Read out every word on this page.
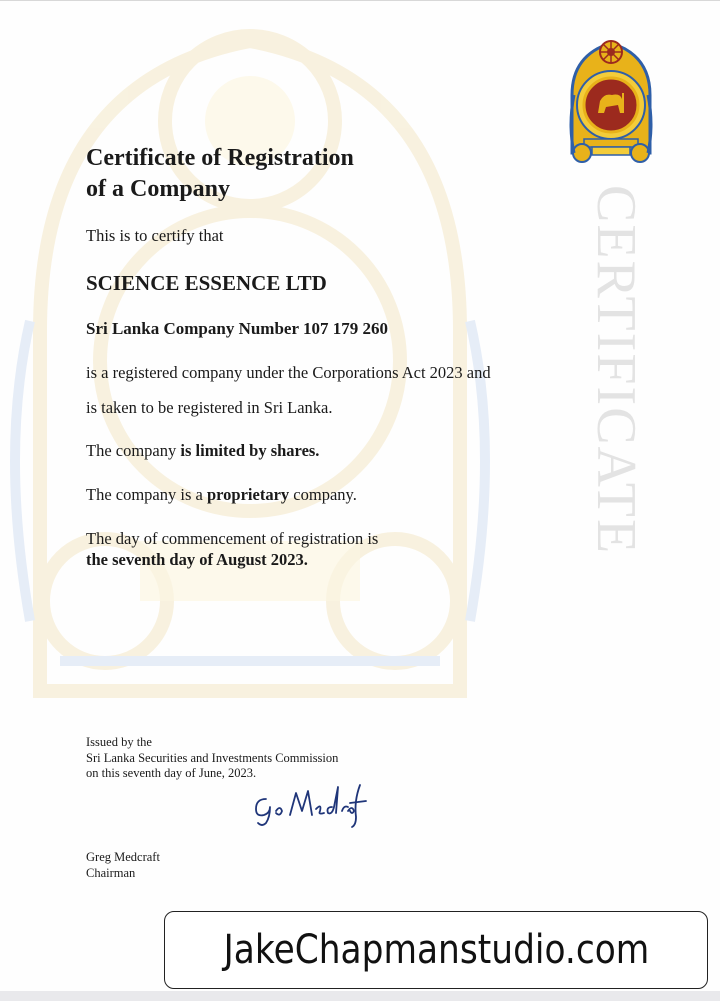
CERTIFICATE
Certificate of Registration
of a Company

This is to certify that

SCIENCE ESSENCE LTD

Sri Lanka Company Number 107 179 260

is a registered company under the Corporations Act 2023 and

is taken to be registered in Sri Lanka.

The company is limited by shares.

The company is a proprietary company.

The day of commencement of registration is

the seventh day of August 2023.

Issued by the
Sri Lanka Securities and Investments Commission
on this seventh day of June, 2023.
Greg Medcraft
Chairman
JakeChapmanstudio.com
